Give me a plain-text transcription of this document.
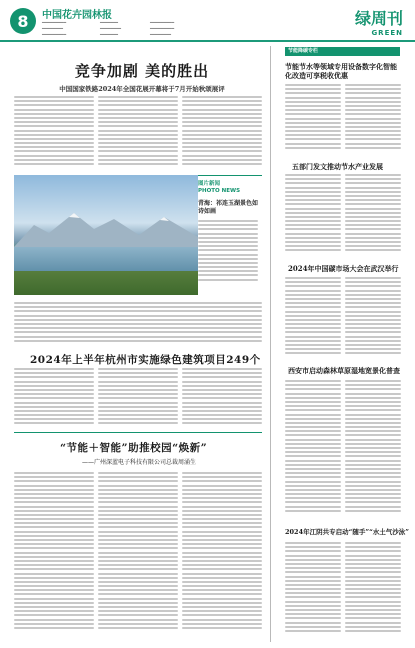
8	中国花卉园林报
━━━━━━━━
━━━━━━━
━━━━━━━━
━━━━━━
━━━━━━━
━━━━━━
━━━━━━━━
━━━━━━━━
━━━━━━━
绿周刊
GREEN
竞争加剧 美的胜出
中国国家铁路2024年全国花展开幕将于7月开始秋颂展评
图片新闻
PHOTO NEWS
青海：祁连玉湖景色如诗如画
2024年上半年杭州市实施绿色建筑项目249个
“节能＋智能”助推校园“焕新”
——广州深蓝电子科技有限公司总裁周涌生
节能降碳专栏
节能节水等领域专用设备数字化智能化改造可享税收优惠
五部门发文推动节水产业发展
2024年中国碳市场大会在武汉举行
西安市启动森林草原湿地宽景化普查
2024年江阴共专启动“随手”“水土气沙泳”
